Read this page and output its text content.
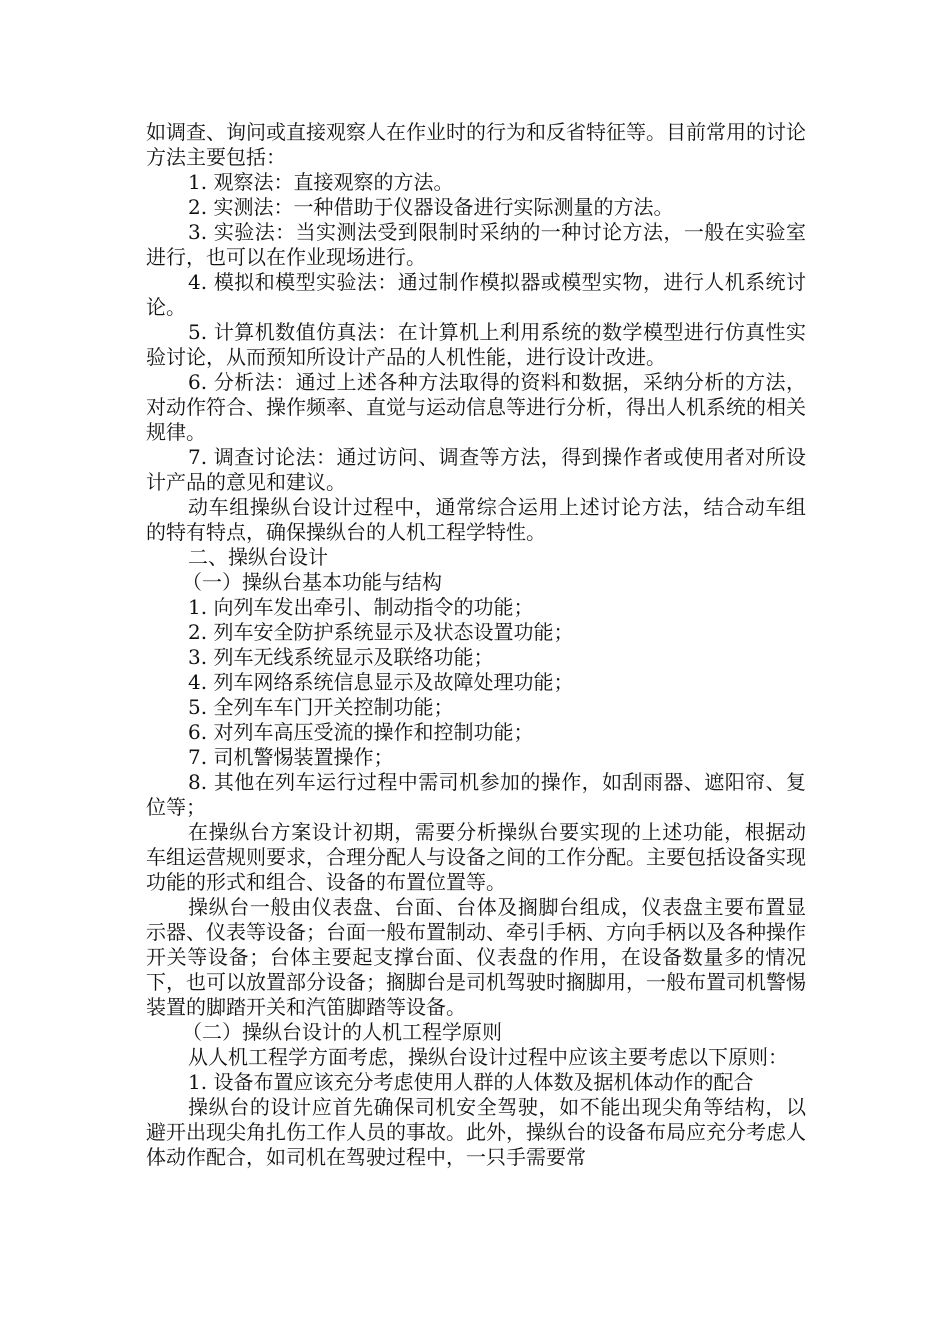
如调查、询问或直接观察人在作业时的行为和反省特征等。目前常用的讨论方法主要包括：

1. 观察法：直接观察的方法。

2. 实测法：一种借助于仪器设备进行实际测量的方法。

3. 实验法：当实测法受到限制时采纳的一种讨论方法，一般在实验室进行，也可以在作业现场进行。

4. 模拟和模型实验法：通过制作模拟器或模型实物，进行人机系统讨论。

5. 计算机数值仿真法：在计算机上利用系统的数学模型进行仿真性实验讨论，从而预知所设计产品的人机性能，进行设计改进。

6. 分析法：通过上述各种方法取得的资料和数据，采纳分析的方法，对动作符合、操作频率、直觉与运动信息等进行分析，得出人机系统的相关规律。

7. 调查讨论法：通过访问、调查等方法，得到操作者或使用者对所设计产品的意见和建议。

动车组操纵台设计过程中，通常综合运用上述讨论方法，结合动车组的特有特点，确保操纵台的人机工程学特性。

二、操纵台设计

（一）操纵台基本功能与结构

1. 向列车发出牵引、制动指令的功能；

2. 列车安全防护系统显示及状态设置功能；

3. 列车无线系统显示及联络功能；

4. 列车网络系统信息显示及故障处理功能；

5. 全列车车门开关控制功能；

6. 对列车高压受流的操作和控制功能；

7. 司机警惕装置操作；

8. 其他在列车运行过程中需司机参加的操作，如刮雨器、遮阳帘、复位等；

在操纵台方案设计初期，需要分析操纵台要实现的上述功能，根据动车组运营规则要求，合理分配人与设备之间的工作分配。主要包括设备实现功能的形式和组合、设备的布置位置等。

操纵台一般由仪表盘、台面、台体及搁脚台组成，仪表盘主要布置显示器、仪表等设备；台面一般布置制动、牵引手柄、方向手柄以及各种操作开关等设备；台体主要起支撑台面、仪表盘的作用，在设备数量多的情况下，也可以放置部分设备；搁脚台是司机驾驶时搁脚用，一般布置司机警惕装置的脚踏开关和汽笛脚踏等设备。

（二）操纵台设计的人机工程学原则

从人机工程学方面考虑，操纵台设计过程中应该主要考虑以下原则：

1. 设备布置应该充分考虑使用人群的人体数及据机体动作的配合

操纵台的设计应首先确保司机安全驾驶，如不能出现尖角等结构，以避开出现尖角扎伤工作人员的事故。此外，操纵台的设备布局应充分考虑人体动作配合，如司机在驾驶过程中，一只手需要常
